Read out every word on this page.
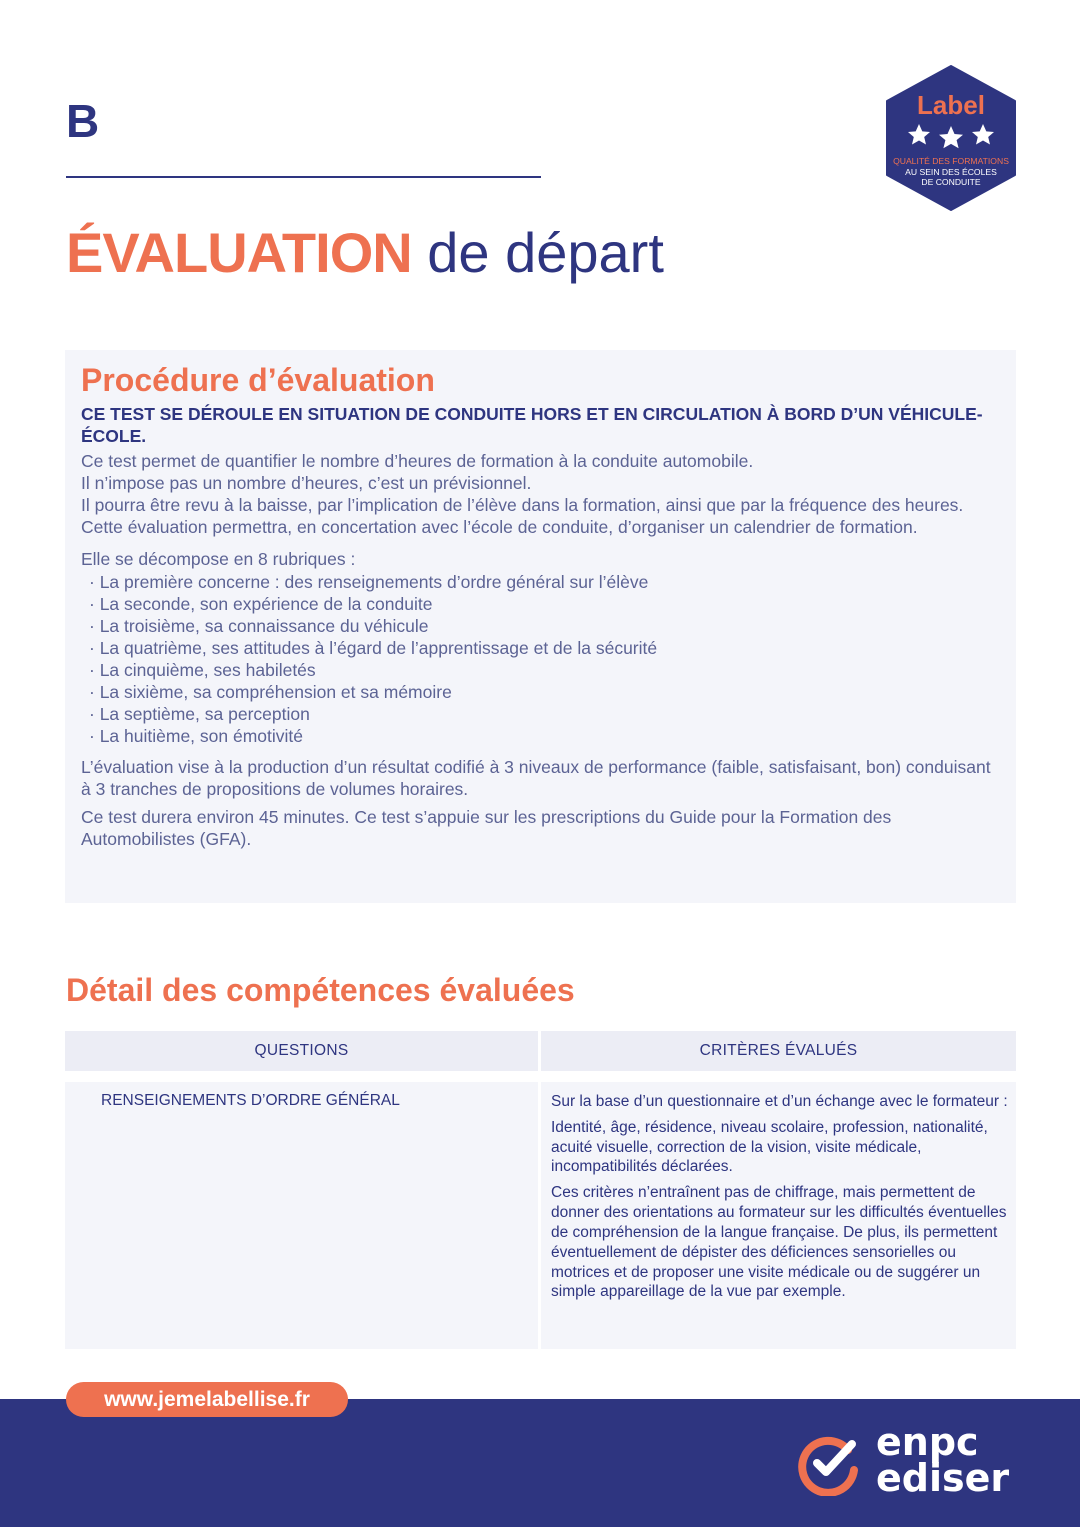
B	Label
QUALITÉ DES FORMATIONS
AU SEIN DES ÉCOLES
DE CONDUITE
ÉVALUATION de départ
Procédure d’évaluation

CE TEST SE DÉROULE EN SITUATION DE CONDUITE HORS ET EN CIRCULATION À BORD D’UN VÉHICULE-ÉCOLE.

Ce test permet de quantifier le nombre d’heures de formation à la conduite automobile.

Il n’impose pas un nombre d’heures, c’est un prévisionnel.

Il pourra être revu à la baisse, par l’implication de l’élève dans la formation, ainsi que par la fréquence des heures.

Cette évaluation permettra, en concertation avec l’école de conduite, d’organiser un calendrier de formation.

Elle se décompose en 8 rubriques :

· La première concerne : des renseignements d’ordre général sur l’élève
· La seconde, son expérience de la conduite
· La troisième, sa connaissance du véhicule
· La quatrième, ses attitudes à l’égard de l’apprentissage et de la sécurité
· La cinquième, ses habiletés
· La sixième, sa compréhension et sa mémoire
· La septième, sa perception
· La huitième, son émotivité

L’évaluation vise à la production d’un résultat codifié à 3 niveaux de performance (faible, satisfaisant, bon) conduisant à 3 tranches de propositions de volumes horaires.

Ce test durera environ 45 minutes. Ce test s’appuie sur les prescriptions du Guide pour la Formation des Automobilistes (GFA).

Détail des compétences évaluées
QUESTIONS	CRITÈRES ÉVALUÉS
RENSEIGNEMENTS D’ORDRE GÉNÉRAL	Sur la base d’un questionnaire et d’un échange avec le formateur :

Identité, âge, résidence, niveau scolaire, profession, nationalité, acuité visuelle, correction de la vision, visite médicale, incompatibilités déclarées.

Ces critères n’entraînent pas de chiffrage, mais permettent de donner des orientations au formateur sur les difficultés éventuelles de compréhension de la langue française. De plus, ils permettent éventuellement de dépister des déficiences sensorielles ou motrices et de proposer une visite médicale ou de suggérer un simple appareillage de la vue par exemple.

www.jemelabellise.fr
enpc
ediser
